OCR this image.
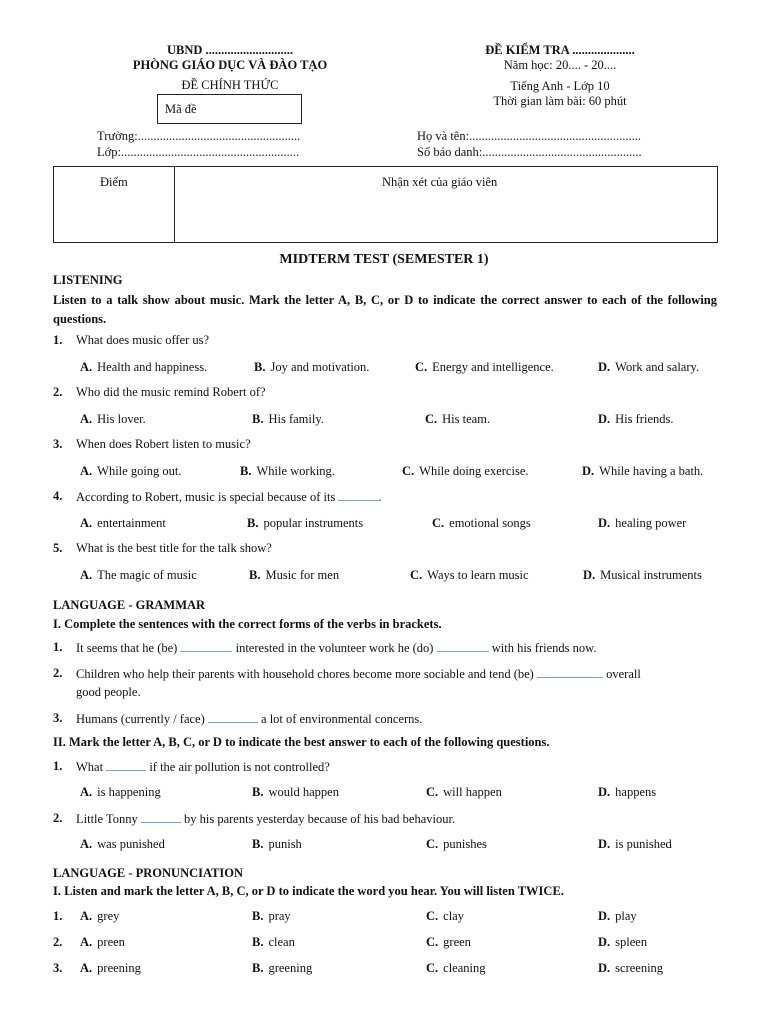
UBND ............................
PHÒNG GIÁO DỤC VÀ ĐÀO TẠO
ĐỀ CHÍNH THỨC
Mã đề
ĐỀ KIỂM TRA ....................
Năm học: 20.... - 20....
Tiếng Anh - Lớp 10
Thời gian làm bài: 60 phút
Trường:....................................................
Lớp:.........................................................
Họ và tên:.......................................................
Số báo danh:...................................................
Điểm	Nhận xét của giáo viên
MIDTERM TEST (SEMESTER 1)
LISTENING
Listen to a talk show about music. Mark the letter A, B, C, or D to indicate the correct answer to each of the following questions.
1. What does music offer us?
A. Health and happiness.	B. Joy and motivation.	C. Energy and intelligence.	D. Work and salary.
2. Who did the music remind Robert of?
A. His lover.	B. His family.	C. His team.	D. His friends.
3. When does Robert listen to music?
A. While going out.	B. While working.	C. While doing exercise.	D. While having a bath.
4. According to Robert, music is special because of its	.
A. entertainment	B. popular instruments	C. emotional songs	D. healing power
5. What is the best title for the talk show?
A. The magic of music	B. Music for men	C. Ways to learn music	D. Musical instruments
LANGUAGE - GRAMMAR
I. Complete the sentences with the correct forms of the verbs in brackets.
1. It seems that he (be)	interested in the volunteer work he (do)	with his friends now.
2. Children who help their parents with household chores become more sociable and tend (be)	overall
good people.
3. Humans (currently / face)	a lot of environmental concerns.
II. Mark the letter A, B, C, or D to indicate the best answer to each of the following questions.
1. What	if the air pollution is not controlled?
2. Little Tonny	by his parents yesterday because of his bad behaviour.
A. is happening	B. would happen	C. will happen	D. happens
A. was punished	B. punish	C. punishes	D. is punished
LANGUAGE - PRONUNCIATION
I. Listen and mark the letter A, B, C, or D to indicate the word you hear. You will listen TWICE.
1. A. grey	B. pray	C. clay	D. play
2. A. preen	B. clean	C. green	D. spleen
3. A. preening	B. greening	C. cleaning	D. screening
